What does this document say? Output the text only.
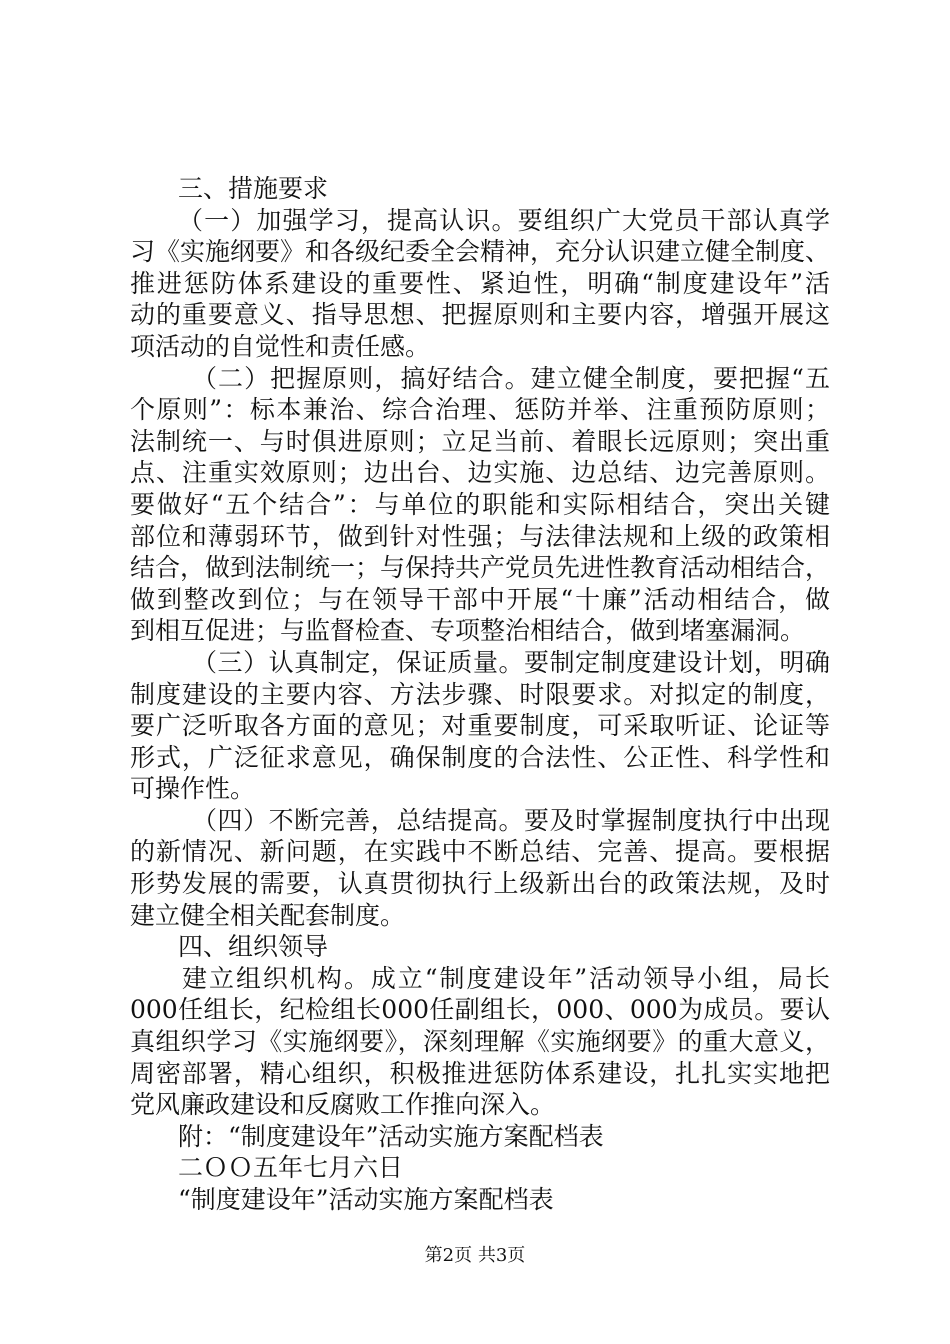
三、措施要求
（一）加强学习，提高认识。要组织广大党员干部认真学
习《实施纲要》和各级纪委全会精神，充分认识建立健全制度、
推进惩防体系建设的重要性、紧迫性，明确“制度建设年”活
动的重要意义、指导思想、把握原则和主要内容，增强开展这
项活动的自觉性和责任感。
（二）把握原则，搞好结合。建立健全制度，要把握“五
个原则”：标本兼治、综合治理、惩防并举、注重预防原则；
法制统一、与时俱进原则；立足当前、着眼长远原则；突出重
点、注重实效原则；边出台、边实施、边总结、边完善原则。
要做好“五个结合”：与单位的职能和实际相结合，突出关键
部位和薄弱环节，做到针对性强；与法律法规和上级的政策相
结合，做到法制统一；与保持共产党员先进性教育活动相结合，
做到整改到位；与在领导干部中开展“十廉”活动相结合，做
到相互促进；与监督检查、专项整治相结合，做到堵塞漏洞。
（三）认真制定，保证质量。要制定制度建设计划，明确
制度建设的主要内容、方法步骤、时限要求。对拟定的制度，
要广泛听取各方面的意见；对重要制度，可采取听证、论证等
形式，广泛征求意见，确保制度的合法性、公正性、科学性和
可操作性。
（四）不断完善，总结提高。要及时掌握制度执行中出现
的新情况、新问题，在实践中不断总结、完善、提高。要根据
形势发展的需要，认真贯彻执行上级新出台的政策法规，及时
建立健全相关配套制度。
四、组织领导
建立组织机构。成立“制度建设年”活动领导小组，局长
000任组长，纪检组长000任副组长，000、000为成员。要认
真组织学习《实施纲要》，深刻理解《实施纲要》的重大意义，
周密部署，精心组织，积极推进惩防体系建设，扎扎实实地把
党风廉政建设和反腐败工作推向深入。
附：“制度建设年”活动实施方案配档表
二ＯＯ五年七月六日
“制度建设年”活动实施方案配档表
第2页 共3页
